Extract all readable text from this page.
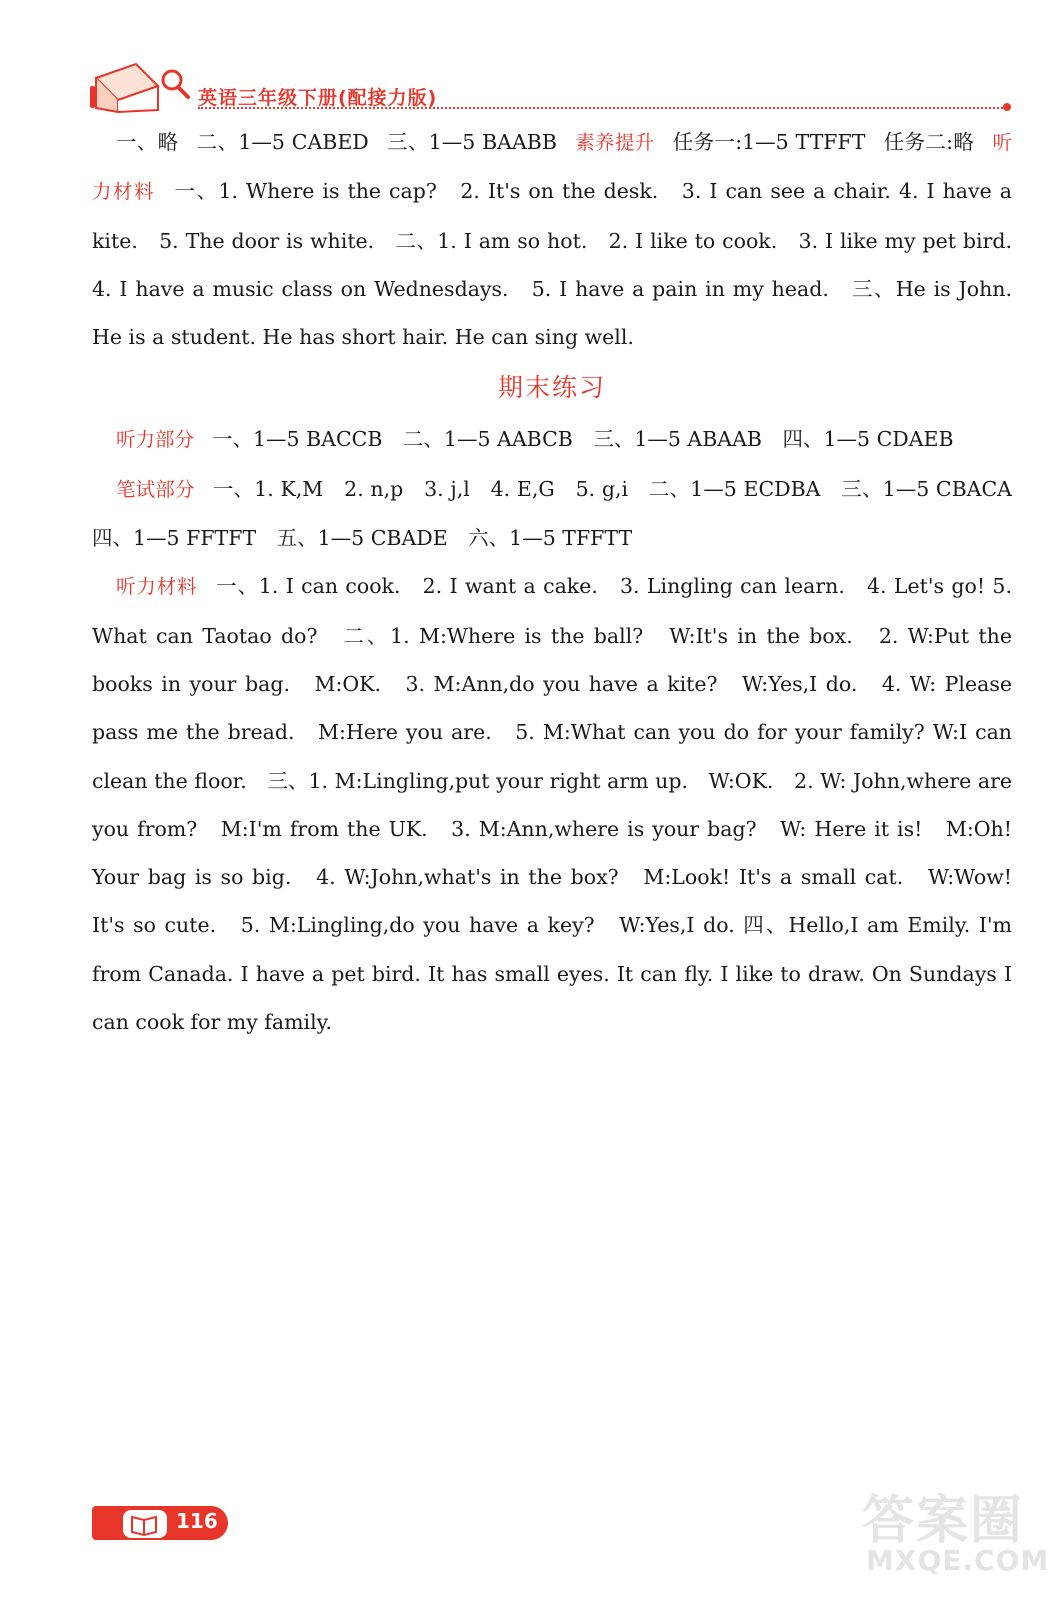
英语三年级下册(配接力版)

一、略 二、1—5 CABED 三、1—5 BAABB 素养提升 任务一:1—5 TTFFT 任务二:略 听力材料 一、1. Where is the cap?　2. It's on the desk.　3. I can see a chair. 4. I have a kite.　5. The door is white.　二、1. I am so hot.　2. I like to cook.　3. I like my pet bird.　4. I have a music class on Wednesdays.　5. I have a pain in my head.　三、He is John. He is a student. He has short hair. He can sing well.

期末练习

听力部分 一、1—5 BACCB　二、1—5 AABCB　三、1—5 ABAAB　四、1—5 CDAEB

笔试部分 一、1. K,M　2. n,p　3. j,l　4. E,G　5. g,i　二、1—5 ECDBA　三、1—5 CBACA　四、1—5 FFTFT　五、1—5 CBADE　六、1—5 TFFTT

听力材料 一、1. I can cook.　2. I want a cake.　3. Lingling can learn.　4. Let's go! 5. What can Taotao do?　二、1. M:Where is the ball?　W:It's in the box.　2. W:Put the books in your bag.　M:OK.　3. M:Ann,do you have a kite?　W:Yes,I do.　4. W: Please pass me the bread.　M:Here you are.　5. M:What can you do for your family? W:I can clean the floor.　三、1. M:Lingling,put your right arm up.　W:OK.　2. W: John,where are you from?　M:I'm from the UK.　3. M:Ann,where is your bag?　W: Here it is!　M:Oh! Your bag is so big.　4. W:John,what's in the box?　M:Look! It's a small cat.　W:Wow! It's so cute.　5. M:Lingling,do you have a key?　W:Yes,I do. 四、Hello,I am Emily. I'm from Canada. I have a pet bird. It has small eyes. It can fly. I like to draw. On Sundays I can cook for my family.

116	答案圈
MXQE.COM
